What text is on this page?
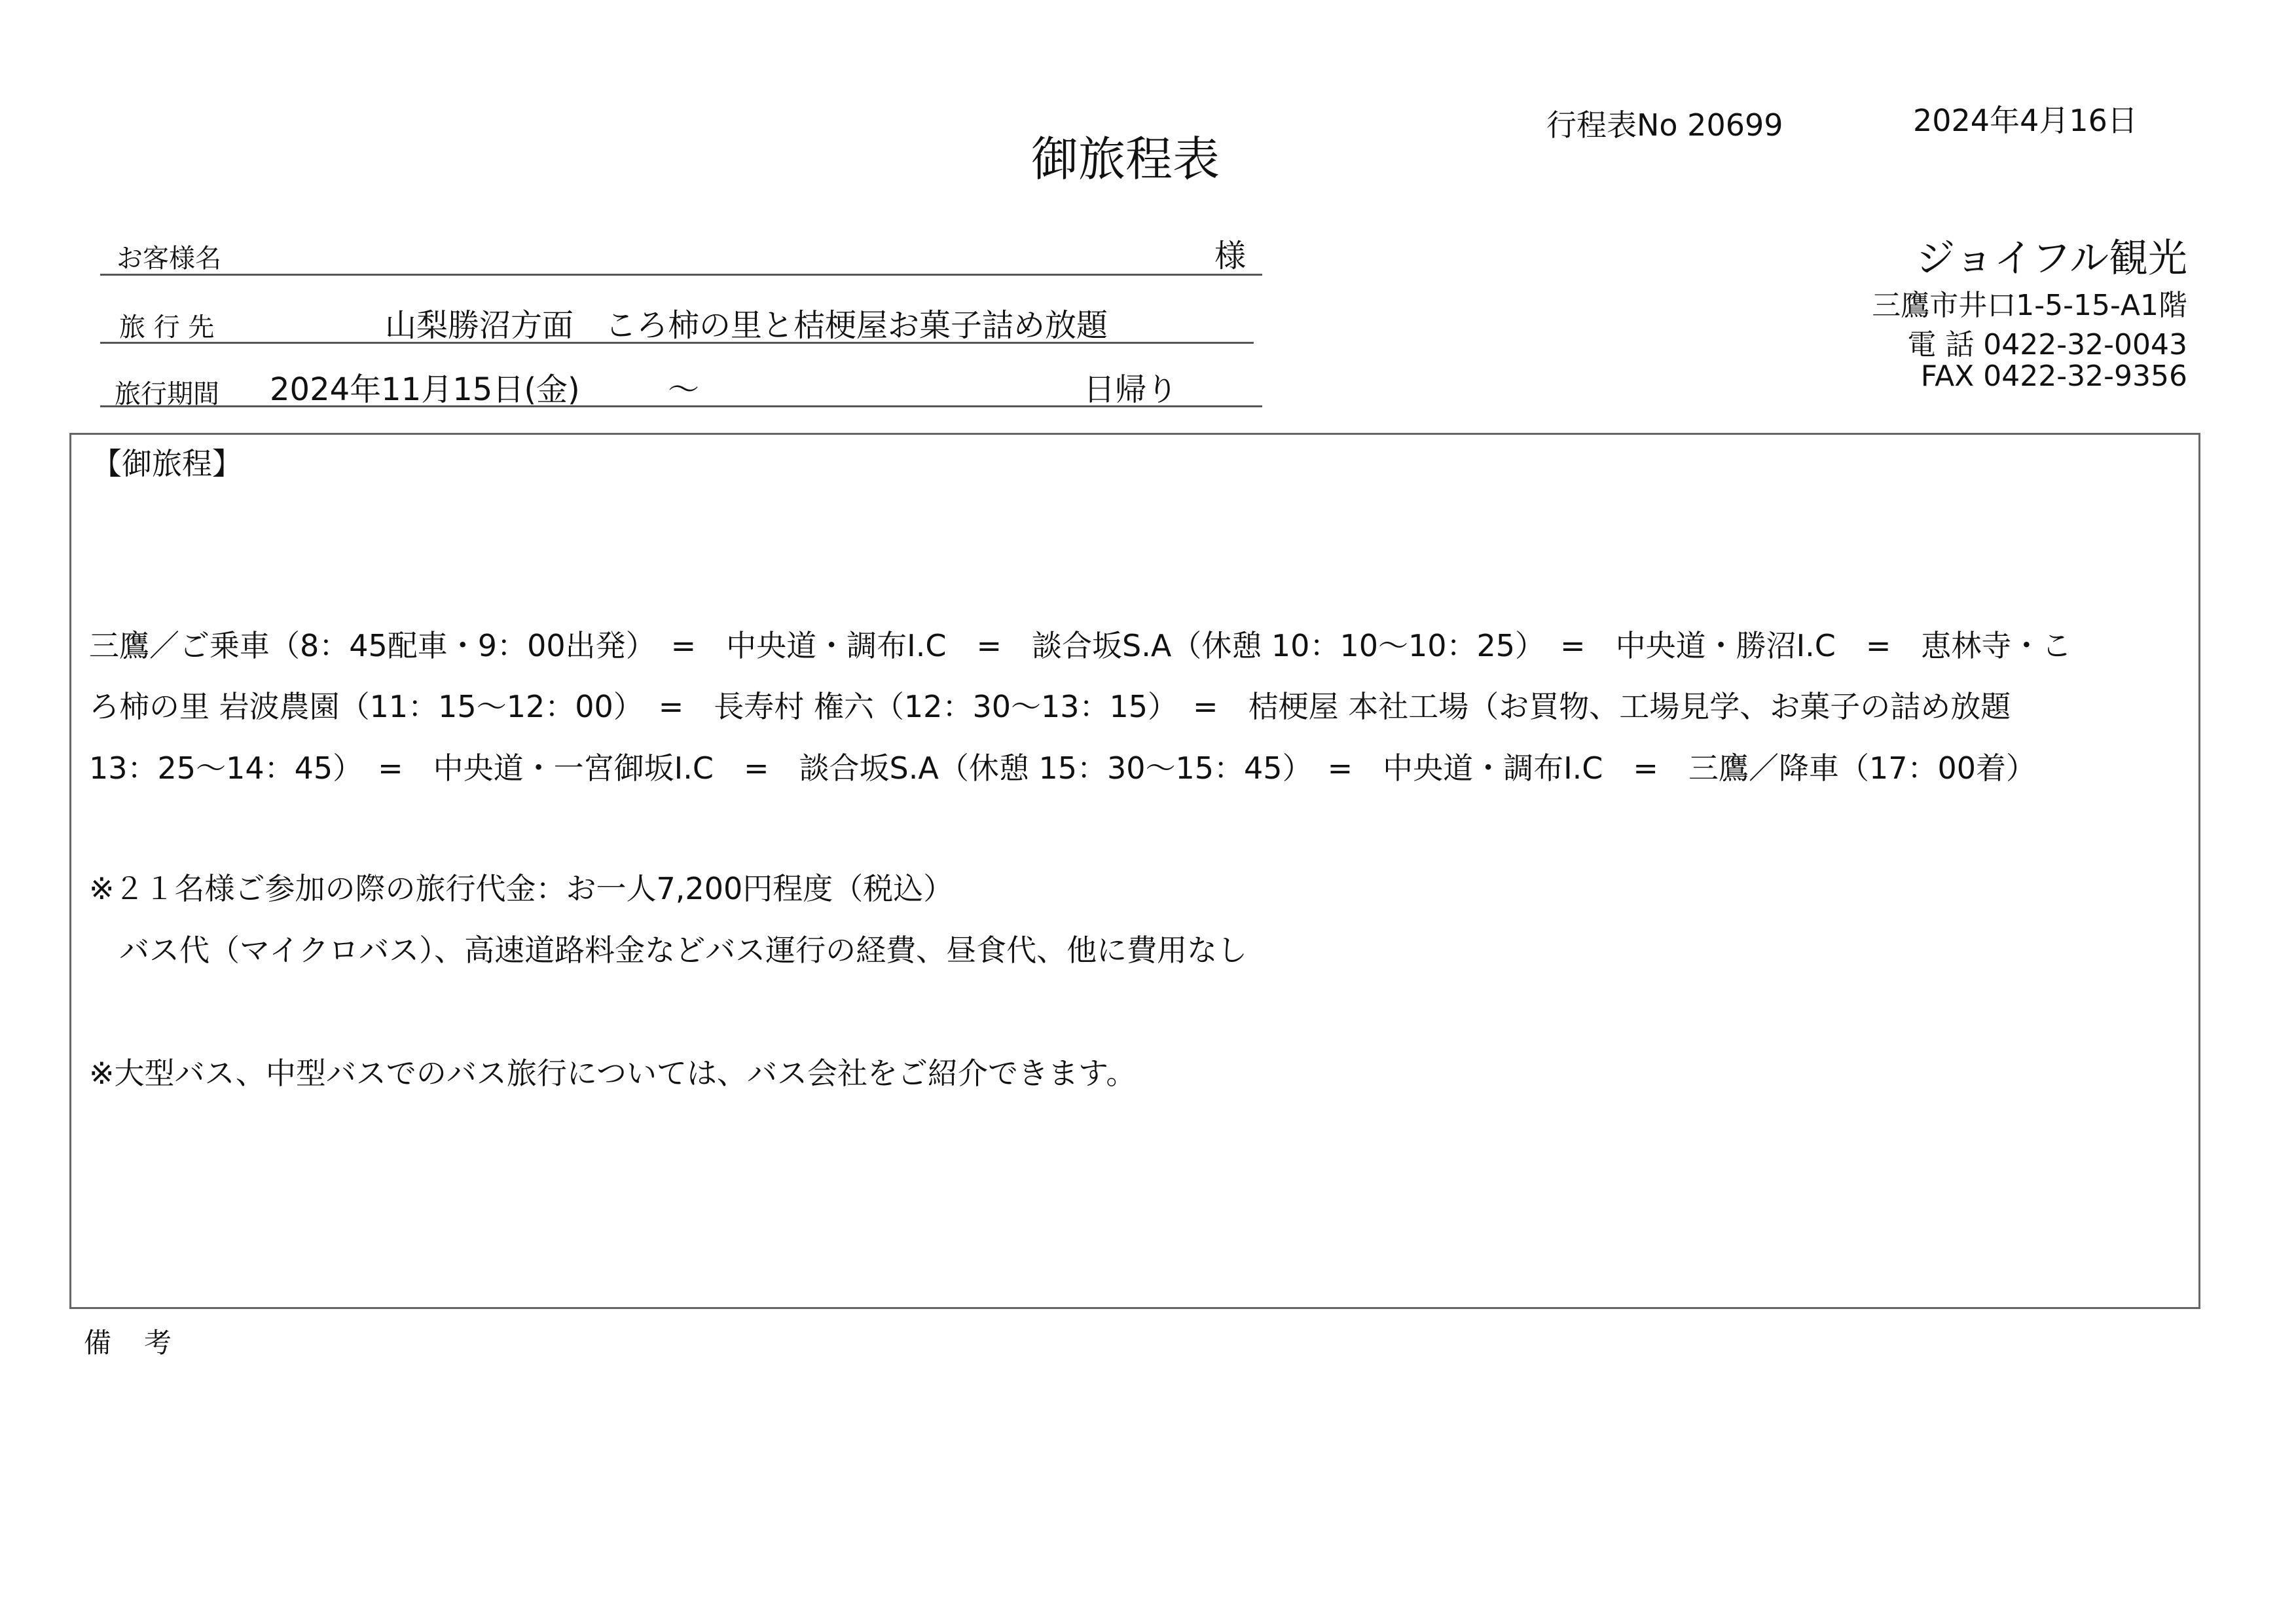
御旅程表
行程表No 20699	2024年4月16日
お客様名	様
旅 行 先	山梨勝沼方面　ころ柿の里と桔梗屋お菓子詰め放題
旅行期間 2024年11月15日(金)	～	日帰り
ジョイフル観光
三鷹市井口1-5-15-A1階
電 話 0422-32-0043
FAX 0422-32-9356
【御旅程】
三鷹／ご乗車（8：45配車・9：00出発）　=　中央道・調布I.C　=　談合坂S.A（休憩 10：10～10：25）　=　中央道・勝沼I.C　=　恵林寺・こ
ろ柿の里 岩波農園（11：15～12：00）　=　長寿村 権六（12：30～13：15）　=　桔梗屋 本社工場（お買物、工場見学、お菓子の詰め放題
13：25～14：45）　=　中央道・一宮御坂I.C　=　談合坂S.A（休憩 15：30～15：45）　=　中央道・調布I.C　=　三鷹／降車（17：00着）
※２１名様ご参加の際の旅行代金：お一人7,200円程度（税込）
　バス代（マイクロバス）、高速道路料金などバス運行の経費、昼食代、他に費用なし
※大型バス、中型バスでのバス旅行については、バス会社をご紹介できます。
備　考
